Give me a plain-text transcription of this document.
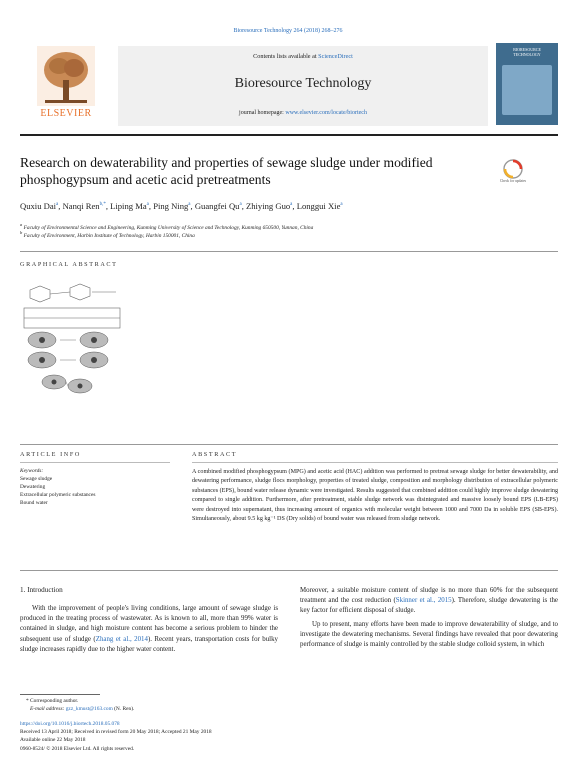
Bioresource Technology 264 (2018) 268–276
Contents lists available at ScienceDirect
Bioresource Technology
journal homepage: www.elsevier.com/locate/biortech
ELSEVIER
BIORESOURCE TECHNOLOGY
Research on dewaterability and properties of sewage sludge under modified phosphogypsum and acetic acid pretreatments	Check for updates
Quxiu Dai$^a$, Nanqi Ren$^{b,*}$, Liping Ma$^a$, Ping Ning$^a$, Guangfei Qu$^a$, Zhiying Guo$^a$, Longgui Xie$^a$
$^a$ Faculty of Environmental Science and Engineering, Kunming University of Science and Technology, Kunming 650500, Yunnan, China
$^b$ Faculty of Environment, Harbin Institute of Technology, Harbin 150001, China
GRAPHICAL ABSTRACT
ARTICLE INFO	ABSTRACT
Keywords:
Sewage sludge
Dewatering
Extracellular polymeric substances
Bound water
A combined modified phosphogypsum (MPG) and acetic acid (HAC) addition was performed to pretreat sewage sludge for better dewaterability, and dewatering performance, sludge flocs morphology, properties of treated sludge, composition and morphology distribution of extracellular polymeric substances (EPS), bound water release dynamic were investigated. Results suggested that combined addition could highly improve sludge dewatering compared to single addition. Furthermore, after pretreatment, stable sludge network was disintegrated and massive loosely bound EPS (LB-EPS) were destroyed into supernatant, thus increasing amount of organics with molecular weight between 1000 and 7000 Da in soluble EPS (SB-EPS). Simultaneously, about 9.5 kg kg⁻¹ DS (Dry solids) of bound water was released from sludge network.
1. Introduction

With the improvement of people's living conditions, large amount of sewage sludge is produced in the treating process of wastewater. As is known to all, more than 99% water is contained in sludge, and high moisture content has become a serious problem to hinder the subsequent use of sludge (Zhang et al., 2014). Recent years, transportation costs for bulky sludge increases rapidly due to the higher water content.

Moreover, a suitable moisture content of sludge is no more than 60% for the subsequent treatment and the cost reduction (Skinner et al., 2015). Therefore, sludge dewatering is the key factor for efficient disposal of sludge.

Up to present, many efforts have been made to improve dewaterability of sludge, and to investigate the dewatering mechanisms. Several findings have revealed that poor dewatering performance of sludge is mainly controlled by the stable sludge colloid system, in which

* Corresponding author.
E-mail address: gzz_kmust@163.com (N. Ren).
https://doi.org/10.1016/j.biortech.2018.05.078
Received 13 April 2018; Received in revised form 20 May 2018; Accepted 21 May 2018
Available online 22 May 2018
0960-8524/ © 2018 Elsevier Ltd. All rights reserved.
